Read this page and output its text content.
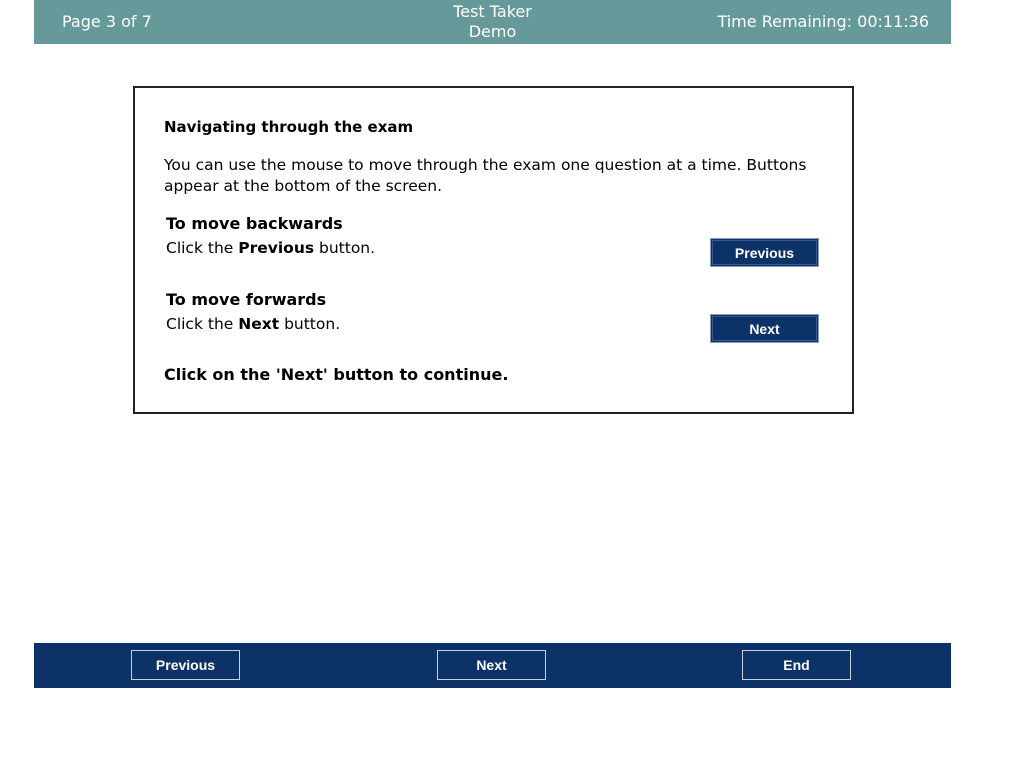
Page 3 of 7
Test Taker
Demo
Time Remaining: 00:11:36
Navigating through the exam
You can use the mouse to move through the exam one question at a time. Buttons appear at the bottom of the screen.
To move backwards
Click the Previous button.	Previous
To move forwards
Click the Next button.	Next
Click on the 'Next' button to continue.
Previous	Next	End
